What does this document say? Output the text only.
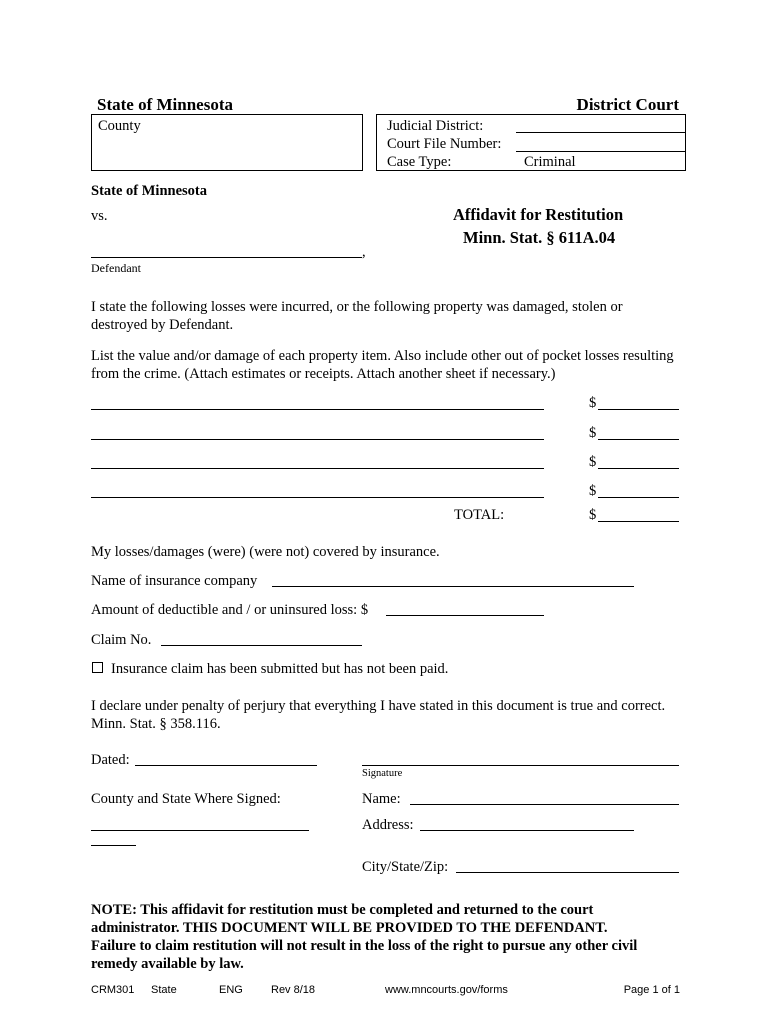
State of Minnesota	District Court
County	Judicial District:
Court File Number:
Case Type:	Criminal
State of Minnesota
vs.	Affidavit for Restitution
Minn. Stat. § 611A.04
,
Defendant
I state the following losses were incurred, or the following property was damaged, stolen or destroyed by Defendant.
List the value and/or damage of each property item. Also include other out of pocket losses resulting from the crime. (Attach estimates or receipts. Attach another sheet if necessary.)
$
$
$
$
TOTAL:	$
My losses/damages (were) (were not) covered by insurance.
Name of insurance company
Amount of deductible and / or uninsured loss: $
Claim No.
Insurance claim has been submitted but has not been paid.
I declare under penalty of perjury that everything I have stated in this document is true and correct. Minn. Stat. § 358.116.
Dated:
Signature
County and State Where Signed:	Name:
Address:
City/State/Zip:
NOTE: This affidavit for restitution must be completed and returned to the court
administrator. THIS DOCUMENT WILL BE PROVIDED TO THE DEFENDANT.
Failure to claim restitution will not result in the loss of the right to pursue any other civil
remedy available by law.
CRM301 State	ENG	Rev 8/18	www.mncourts.gov/forms	Page 1 of 1
